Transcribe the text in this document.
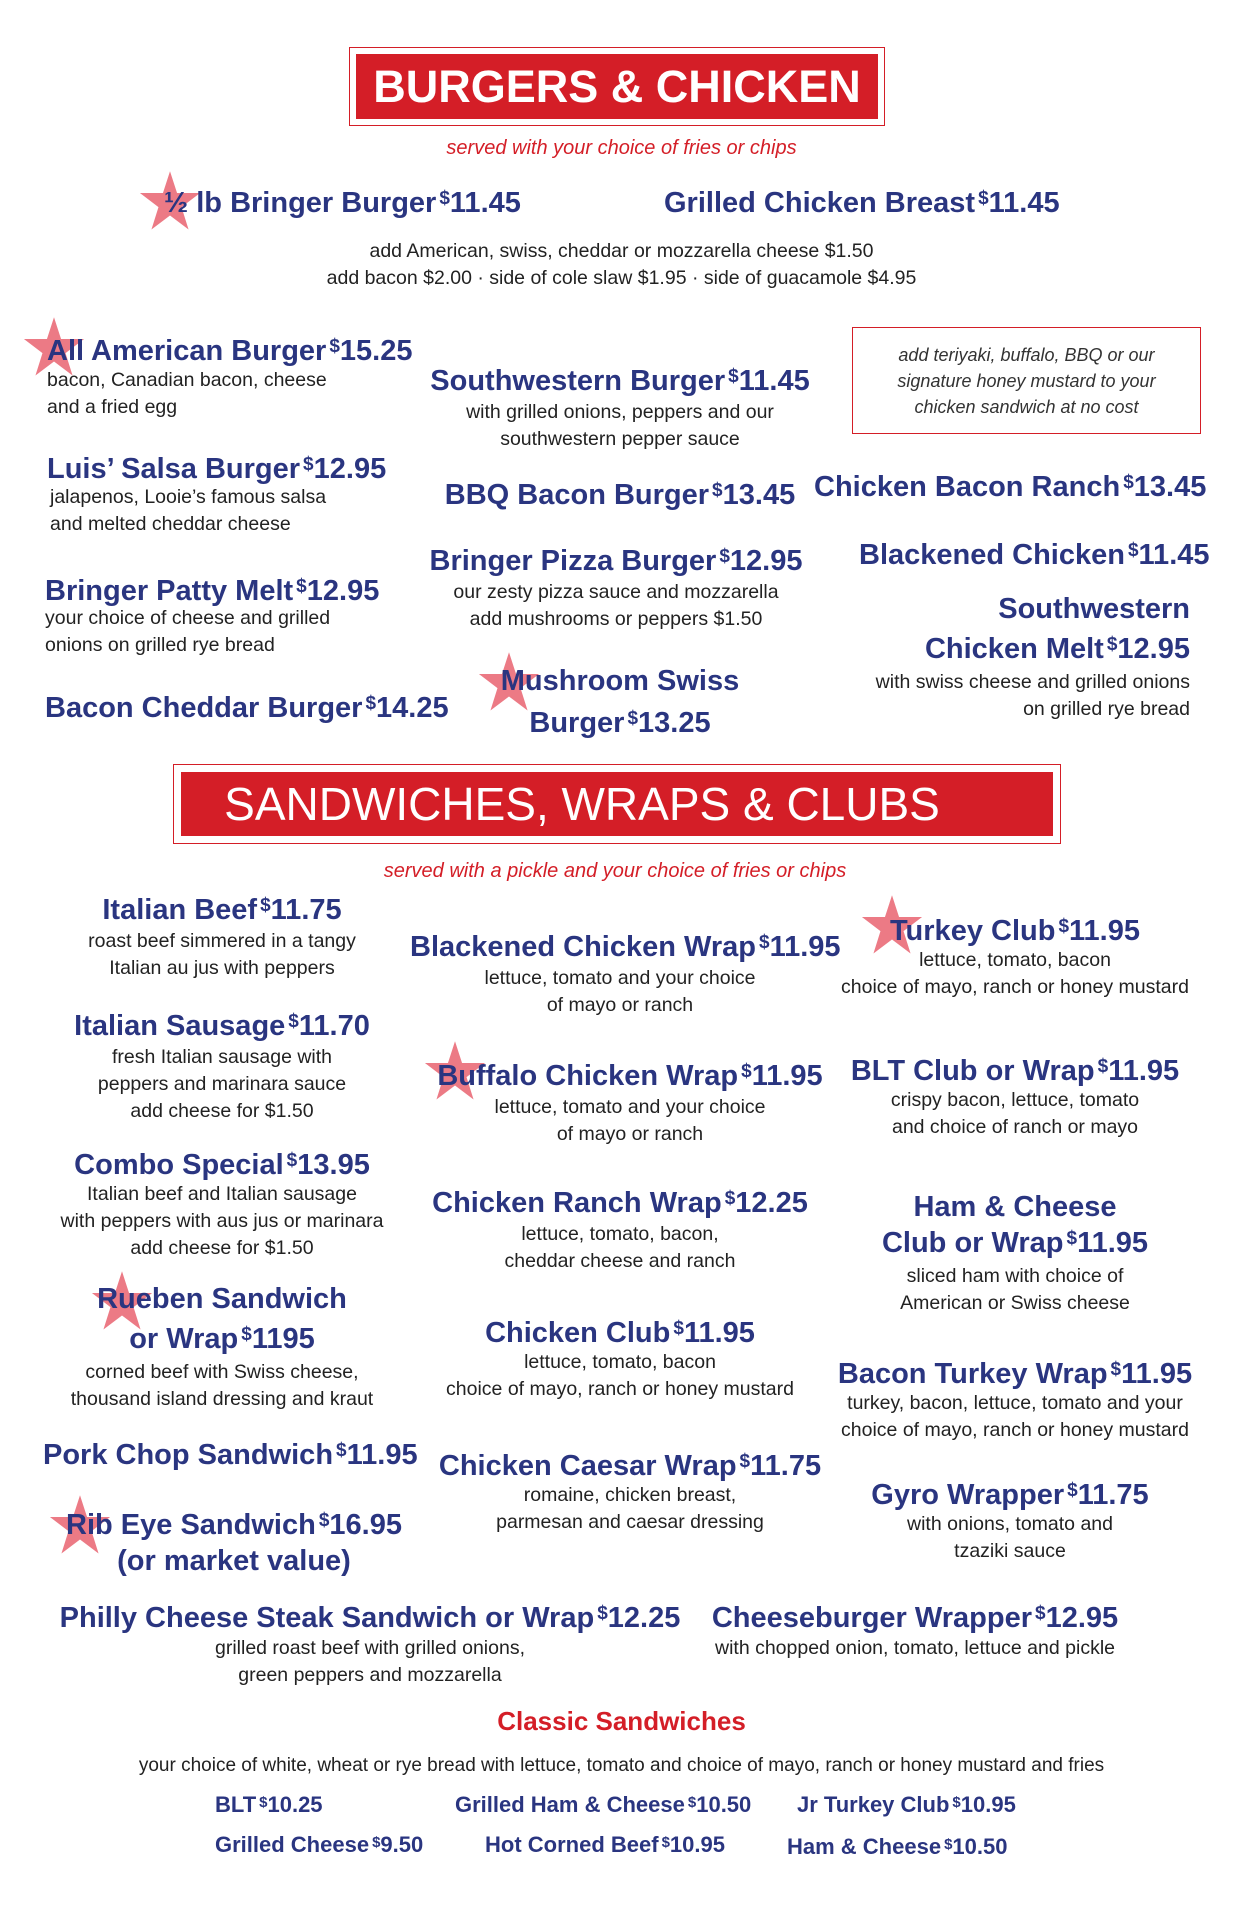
BURGERS & CHICKEN
served with your choice of fries or chips
½ lb Bringer Burger $11.45	Grilled Chicken Breast $11.45
add American, swiss, cheddar or mozzarella cheese $1.50
add bacon $2.00 · side of cole slaw $1.95 · side of guacamole $4.95
All American Burger $15.25
bacon, Canadian bacon, cheese
and a fried egg
Luis’ Salsa Burger $12.95
jalapenos, Looie’s famous salsa
and melted cheddar cheese
Bringer Patty Melt $12.95
your choice of cheese and grilled
onions on grilled rye bread
Bacon Cheddar Burger $14.25
Southwestern Burger $11.45
with grilled onions, peppers and our
southwestern pepper sauce
BBQ Bacon Burger $13.45
Bringer Pizza Burger $12.95
our zesty pizza sauce and mozzarella
add mushrooms or peppers $1.50
Mushroom Swiss
Burger $13.25
add teriyaki, buffalo, BBQ or our signature honey mustard to your chicken sandwich at no cost
Chicken Bacon Ranch $13.45
Blackened Chicken $11.45
Southwestern
Chicken Melt $12.95
with swiss cheese and grilled onions
on grilled rye bread
SANDWICHES, WRAPS & CLUBS
served with a pickle and your choice of fries or chips
Italian Beef $11.75
roast beef simmered in a tangy
Italian au jus with peppers
Italian Sausage $11.70
fresh Italian sausage with
peppers and marinara sauce
add cheese for $1.50
Combo Special $13.95
Italian beef and Italian sausage
with peppers with aus jus or marinara
add cheese for $1.50
Rueben Sandwich
or Wrap $1195
corned beef with Swiss cheese,
thousand island dressing and kraut
Pork Chop Sandwich $11.95
Rib Eye Sandwich $16.95
(or market value)
Blackened Chicken Wrap $11.95
lettuce, tomato and your choice
of mayo or ranch
Buffalo Chicken Wrap $11.95
lettuce, tomato and your choice
of mayo or ranch
Chicken Ranch Wrap $12.25
lettuce, tomato, bacon,
cheddar cheese and ranch
Chicken Club $11.95
lettuce, tomato, bacon
choice of mayo, ranch or honey mustard
Chicken Caesar Wrap $11.75
romaine, chicken breast,
parmesan and caesar dressing
Turkey Club $11.95
lettuce, tomato, bacon
choice of mayo, ranch or honey mustard
BLT Club or Wrap $11.95
crispy bacon, lettuce, tomato
and choice of ranch or mayo
Ham & Cheese
Club or Wrap $11.95
sliced ham with choice of
American or Swiss cheese
Bacon Turkey Wrap $11.95
turkey, bacon, lettuce, tomato and your
choice of mayo, ranch or honey mustard
Gyro Wrapper $11.75
with onions, tomato and
tzaziki sauce
Philly Cheese Steak Sandwich or Wrap $12.25
grilled roast beef with grilled onions,
green peppers and mozzarella
Cheeseburger Wrapper $12.95
with chopped onion, tomato, lettuce and pickle
Classic Sandwiches
your choice of white, wheat or rye bread with lettuce, tomato and choice of mayo, ranch or honey mustard and fries
BLT $10.25	Grilled Ham & Cheese $10.50 Jr Turkey Club $10.95
Grilled Cheese $9.50	Hot Corned Beef $10.95	Ham & Cheese $10.50
